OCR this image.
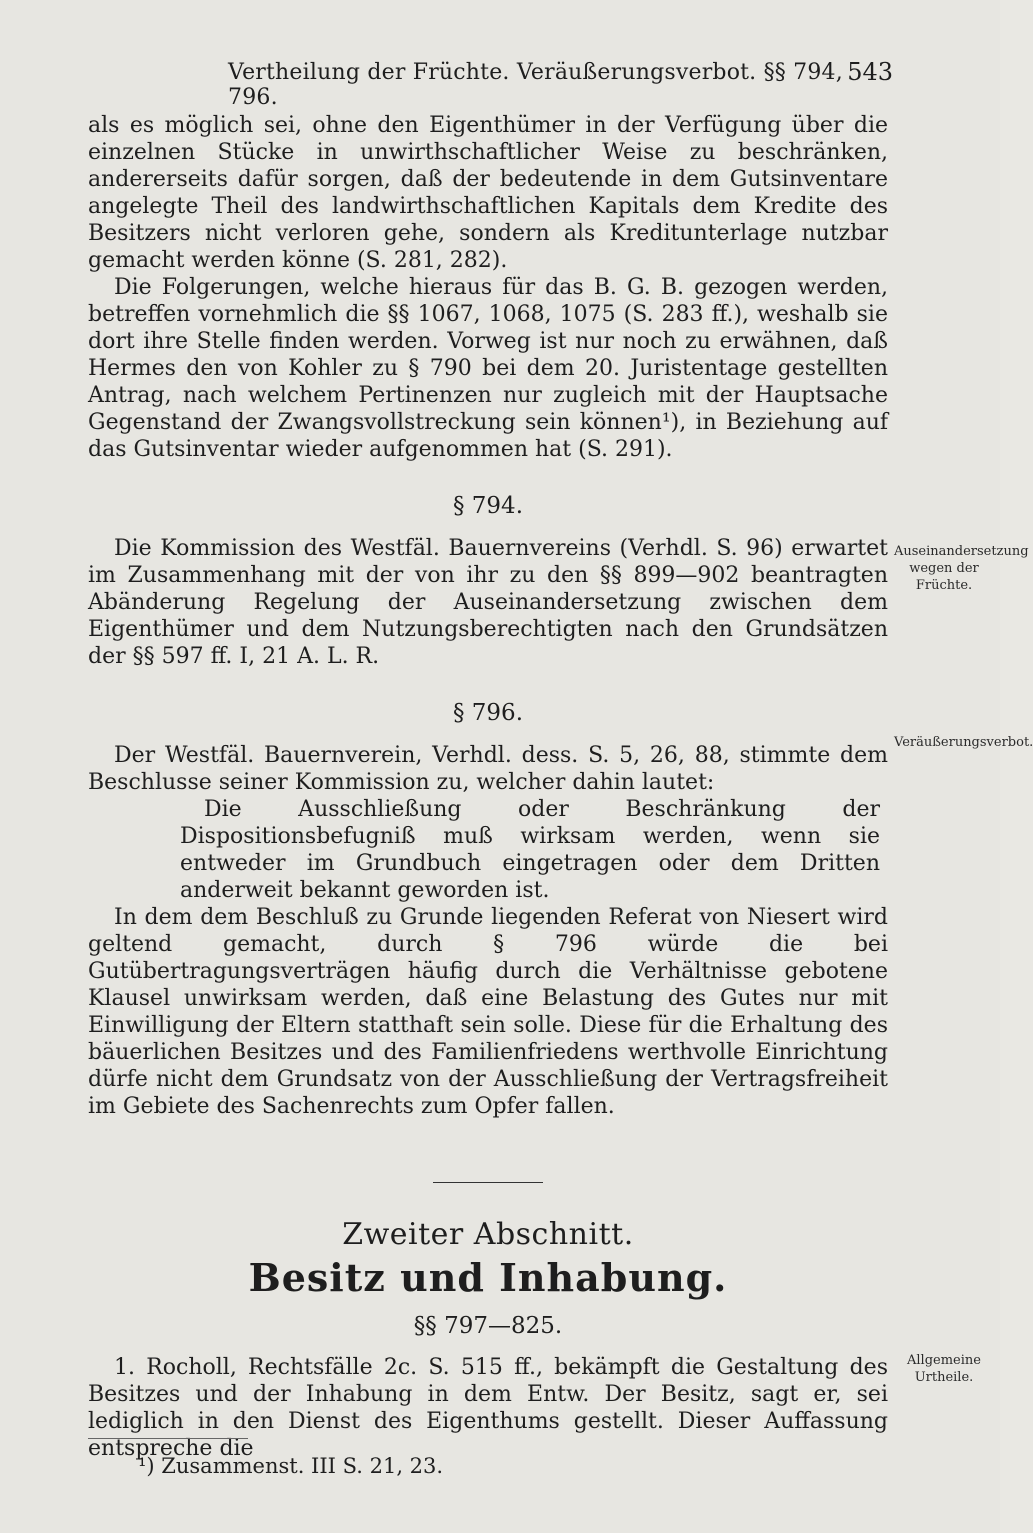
Vertheilung der Früchte. Veräußerungsverbot. §§ 794, 796.
543

als es möglich sei, ohne den Eigenthümer in der Verfügung über die einzelnen Stücke in unwirthschaftlicher Weise zu beschränken, andererseits dafür sorgen, daß der bedeutende in dem Gutsinventare angelegte Theil des landwirthschaftlichen Kapitals dem Kredite des Besitzers nicht verloren gehe, sondern als Kreditunterlage nutzbar gemacht werden könne (S. 281, 282).

Die Folgerungen, welche hieraus für das B. G. B. gezogen werden, betreffen vornehmlich die §§ 1067, 1068, 1075 (S. 283 ff.), weshalb sie dort ihre Stelle finden werden. Vorweg ist nur noch zu erwähnen, daß Hermes den von Kohler zu § 790 bei dem 20. Juristentage gestellten Antrag, nach welchem Pertinenzen nur zugleich mit der Hauptsache Gegenstand der Zwangsvollstreckung sein können¹), in Beziehung auf das Gutsinventar wieder aufgenommen hat (S. 291).

§ 794.

Die Kommission des Westfäl. Bauernvereins (Verhdl. S. 96) erwartet im Zusammenhang mit der von ihr zu den §§ 899—902 beantragten Abänderung Regelung der Auseinandersetzung zwischen dem Eigenthümer und dem Nutzungsberechtigten nach den Grundsätzen der §§ 597 ff. I, 21 A. L. R.

§ 796.

Der Westfäl. Bauernverein, Verhdl. dess. S. 5, 26, 88, stimmte dem Beschlusse seiner Kommission zu, welcher dahin lautet:

Die Ausschließung oder Beschränkung der Dispositionsbefugniß muß wirksam werden, wenn sie entweder im Grundbuch eingetragen oder dem Dritten anderweit bekannt geworden ist.

In dem dem Beschluß zu Grunde liegenden Referat von Niesert wird geltend gemacht, durch § 796 würde die bei Gutübertragungsverträgen häufig durch die Verhältnisse gebotene Klausel unwirksam werden, daß eine Belastung des Gutes nur mit Einwilligung der Eltern statthaft sein solle. Diese für die Erhaltung des bäuerlichen Besitzes und des Familienfriedens werthvolle Einrichtung dürfe nicht dem Grundsatz von der Ausschließung der Vertragsfreiheit im Gebiete des Sachenrechts zum Opfer fallen.

Zweiter Abschnitt.
Besitz und Inhabung.
§§ 797—825.

1. Rocholl, Rechtsfälle 2c. S. 515 ff., bekämpft die Gestaltung des Besitzes und der Inhabung in dem Entw. Der Besitz, sagt er, sei lediglich in den Dienst des Eigenthums gestellt. Dieser Auffassung entspreche die

Auseinandersetzung wegen der Früchte.
Veräußerungsverbot.
Allgemeine Urtheile.
¹) Zusammenst. III S. 21, 23.
